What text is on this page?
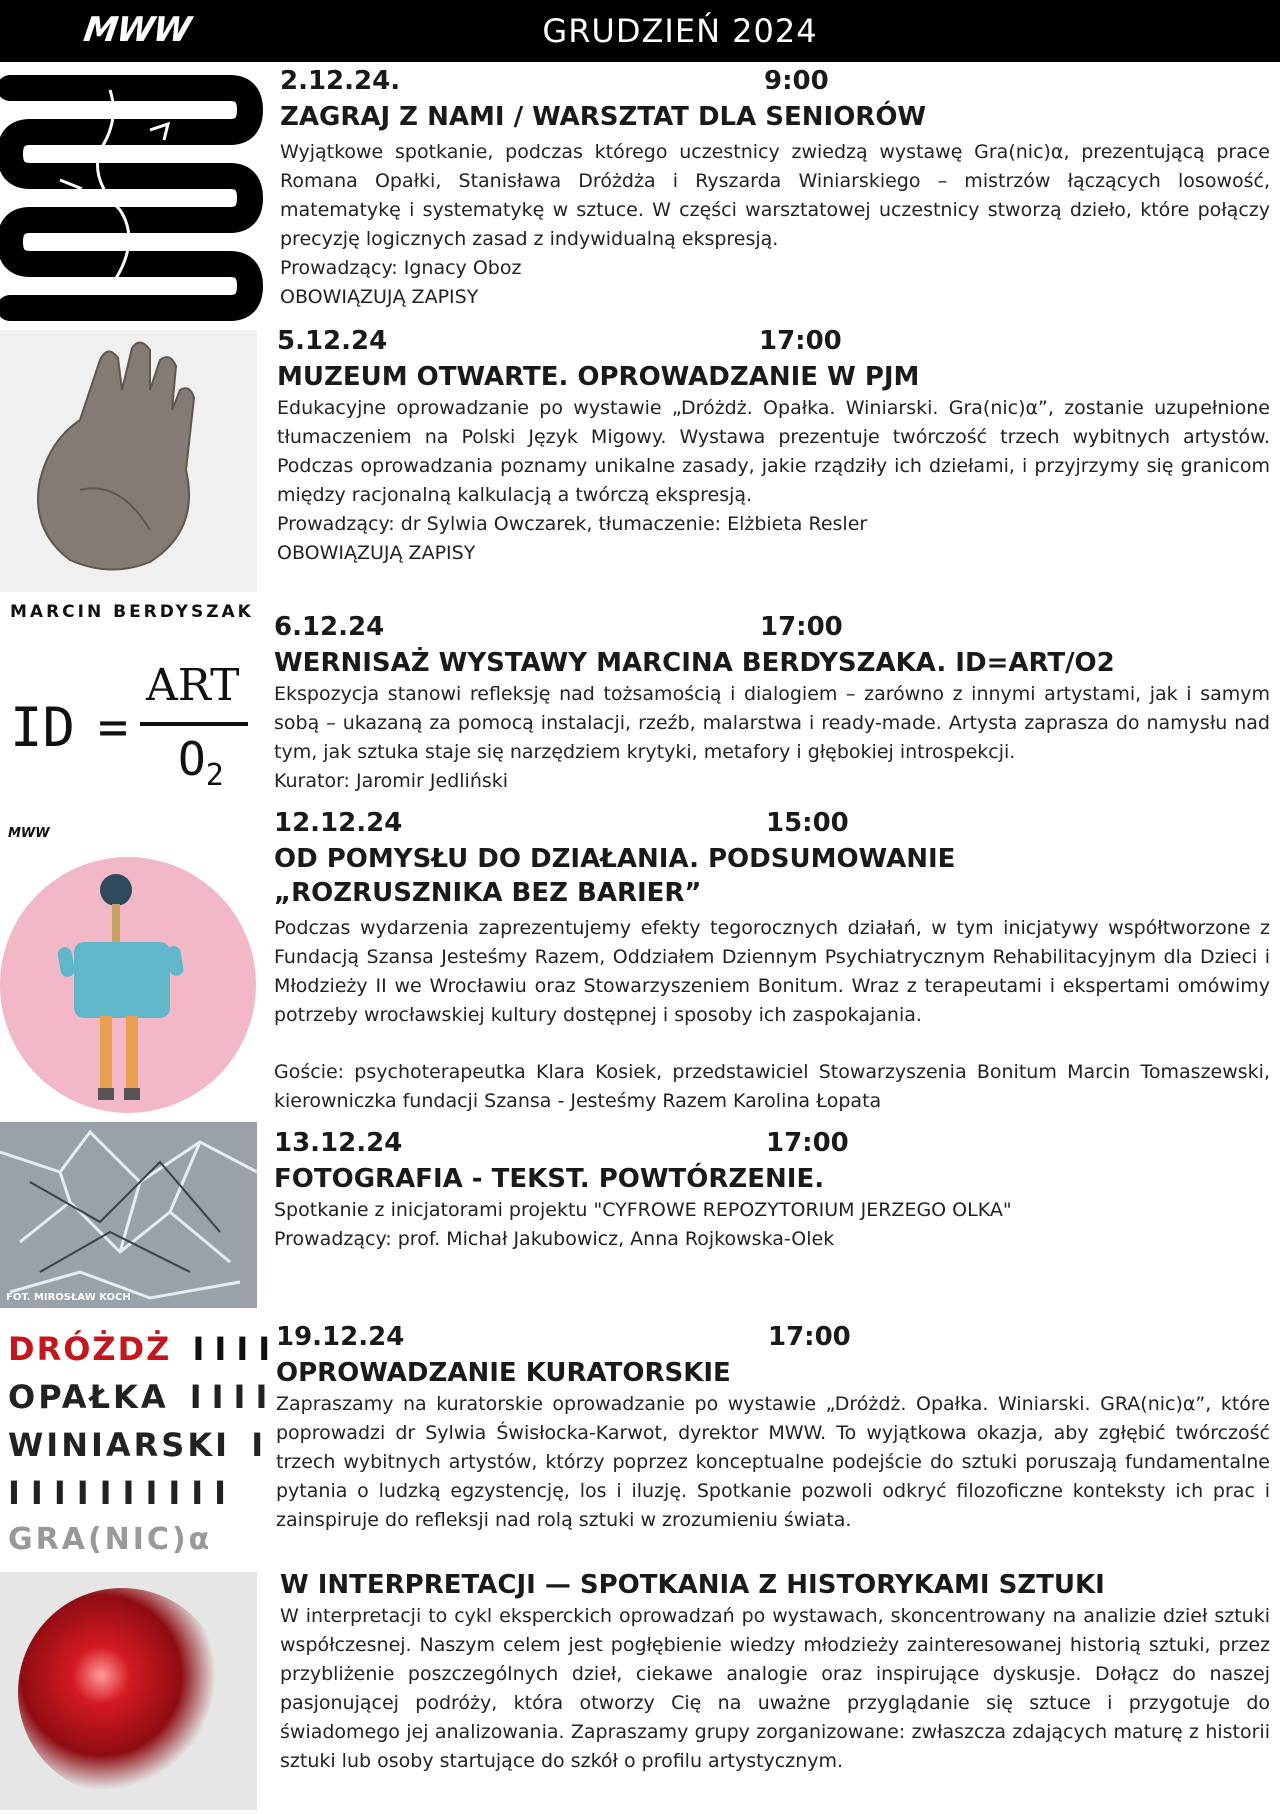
MWW	GRUDZIEŃ 2024
MARCIN BERDYSZAK
ID =
ART
$O_2$
MWW
FOT. MIROSŁAW KOCH
DRÓŻDŻ IIII
OPAŁKA IIII
WINIARSKI I
IIIIIIIIII
GRA(NIC)α
2.12.24.	9:00
ZAGRAJ Z NAMI / WARSZTAT DLA SENIORÓW
Wyjątkowe spotkanie, podczas którego uczestnicy zwiedzą wystawę Gra(nic)α, prezentującą prace Romana Opałki, Stanisława Dróżdża i Ryszarda Winiarskiego – mistrzów łączących losowość, matematykę i systematykę w sztuce. W części warsztatowej uczestnicy stworzą dzieło, które połączy precyzję logicznych zasad z indywidualną ekspresją.
Prowadzący: Ignacy Oboz
OBOWIĄZUJĄ ZAPISY
5.12.24	17:00
MUZEUM OTWARTE. OPROWADZANIE W PJM
Edukacyjne oprowadzanie po wystawie „Dróżdż. Opałka. Winiarski. Gra(nic)α”, zostanie uzupełnione tłumaczeniem na Polski Język Migowy. Wystawa prezentuje twórczość trzech wybitnych artystów. Podczas oprowadzania poznamy unikalne zasady, jakie rządziły ich dziełami, i przyjrzymy się granicom między racjonalną kalkulacją a twórczą ekspresją.
Prowadzący: dr Sylwia Owczarek, tłumaczenie: Elżbieta Resler
OBOWIĄZUJĄ ZAPISY
6.12.24	17:00
WERNISAŻ WYSTAWY MARCINA BERDYSZAKA. ID=ART/O2
Ekspozycja stanowi refleksję nad tożsamością i dialogiem – zarówno z innymi artystami, jak i samym sobą – ukazaną za pomocą instalacji, rzeźb, malarstwa i ready-made. Artysta zaprasza do namysłu nad tym, jak sztuka staje się narzędziem krytyki, metafory i głębokiej introspekcji.
Kurator: Jaromir Jedliński
12.12.24	15:00
OD POMYSŁU DO DZIAŁANIA. PODSUMOWANIE
„ROZRUSZNIKA BEZ BARIER”
Podczas wydarzenia zaprezentujemy efekty tegorocznych działań, w tym inicjatywy współtworzone z Fundacją Szansa Jesteśmy Razem, Oddziałem Dziennym Psychiatrycznym Rehabilitacyjnym dla Dzieci i Młodzieży II we Wrocławiu oraz Stowarzyszeniem Bonitum. Wraz z terapeutami i ekspertami omówimy potrzeby wrocławskiej kultury dostępnej i sposoby ich zaspokajania.
Goście: psychoterapeutka Klara Kosiek, przedstawiciel Stowarzyszenia Bonitum Marcin Tomaszewski, kierowniczka fundacji Szansa - Jesteśmy Razem Karolina Łopata
13.12.24	17:00
FOTOGRAFIA - TEKST. POWTÓRZENIE.
Spotkanie z inicjatorami projektu "CYFROWE REPOZYTORIUM JERZEGO OLKA"
Prowadzący: prof. Michał Jakubowicz, Anna Rojkowska-Olek
19.12.24	17:00
OPROWADZANIE KURATORSKIE
Zapraszamy na kuratorskie oprowadzanie po wystawie „Dróżdż. Opałka. Winiarski. GRA(nic)α”, które poprowadzi dr Sylwia Świsłocka-Karwot, dyrektor MWW. To wyjątkowa okazja, aby zgłębić twórczość trzech wybitnych artystów, którzy poprzez konceptualne podejście do sztuki poruszają fundamentalne pytania o ludzką egzystencję, los i iluzję. Spotkanie pozwoli odkryć filozoficzne konteksty ich prac i zainspiruje do refleksji nad rolą sztuki w zrozumieniu świata.
W INTERPRETACJI — SPOTKANIA Z HISTORYKAMI SZTUKI
W interpretacji to cykl eksperckich oprowadzań po wystawach, skoncentrowany na analizie dzieł sztuki współczesnej. Naszym celem jest pogłębienie wiedzy młodzieży zainteresowanej historią sztuki, przez przybliżenie poszczególnych dzieł, ciekawe analogie oraz inspirujące dyskusje. Dołącz do naszej pasjonującej podróży, która otworzy Cię na uważne przyglądanie się sztuce i przygotuje do świadomego jej analizowania. Zapraszamy grupy zorganizowane: zwłaszcza zdających maturę z historii sztuki lub osoby startujące do szkół o profilu artystycznym.
